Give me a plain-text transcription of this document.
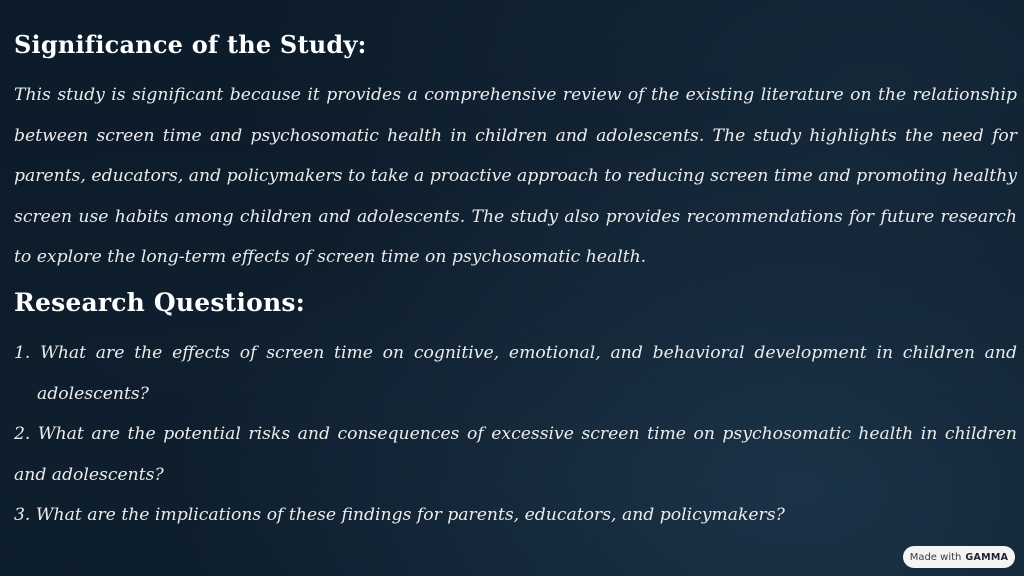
Significance of the Study:

This study is significant because it provides a comprehensive review of the existing literature on the relationship between screen time and psychosomatic health in children and adolescents. The study highlights the need for parents, educators, and policymakers to take a proactive approach to reducing screen time and promoting healthy screen use habits among children and adolescents. The study also provides recommendations for future research to explore the long-term effects of screen time on psychosomatic health.

Research Questions:

1. What are the effects of screen time on cognitive, emotional, and behavioral development in children and adolescents?

2. What are the potential risks and consequences of excessive screen time on psychosomatic health in children and adolescents?

3. What are the implications of these findings for parents, educators, and policymakers?

Made with GAMMA
